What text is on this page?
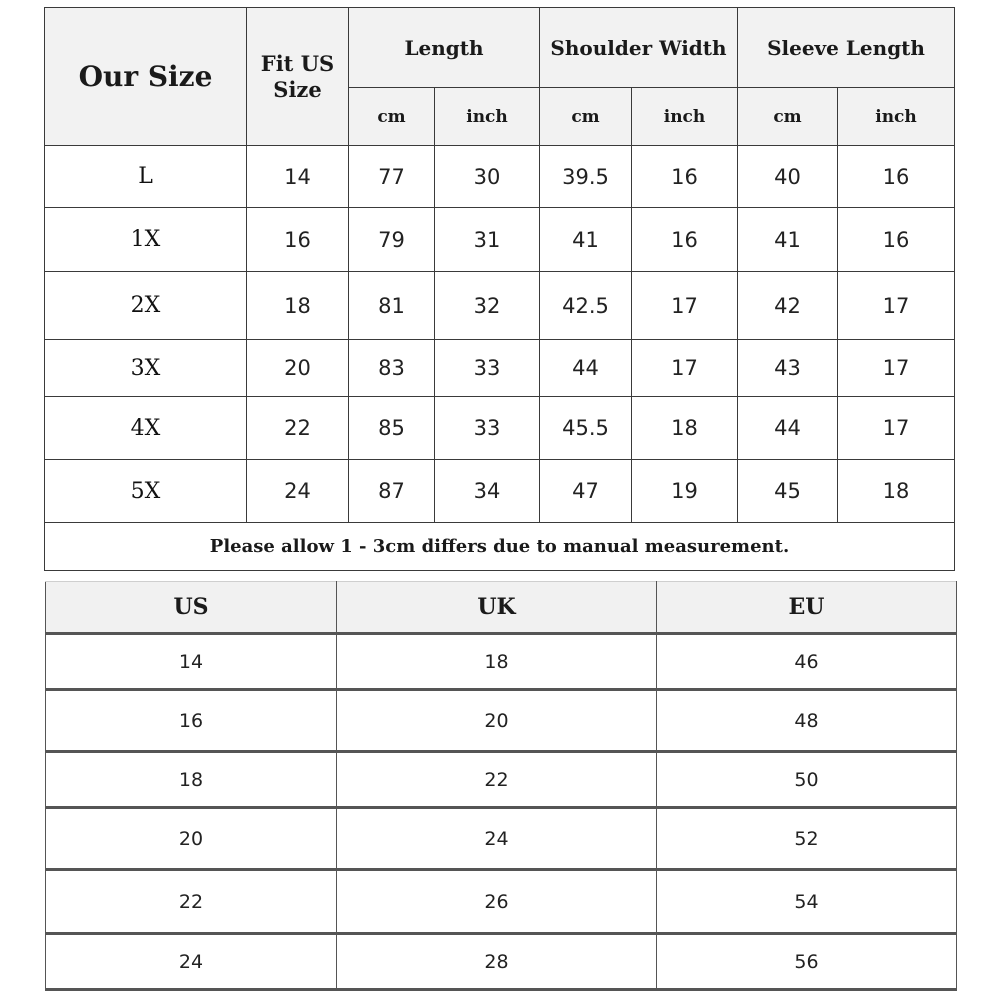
Our Size	Fit US
Size	Length		Shoulder Width		Sleeve Length	
		cm	inch	cm	inch	cm	inch
L	14	77	30	39.5	16	40	16
1X	16	79	31	41	16	41	16
2X	18	81	32	42.5	17	42	17
3X	20	83	33	44	17	43	17
4X	22	85	33	45.5	18	44	17
5X	24	87	34	47	19	45	18
Please allow 1 - 3cm differs due to manual measurement.							
US	UK	EU
14	18	46
16	20	48
18	22	50
20	24	52
22	26	54
24	28	56
